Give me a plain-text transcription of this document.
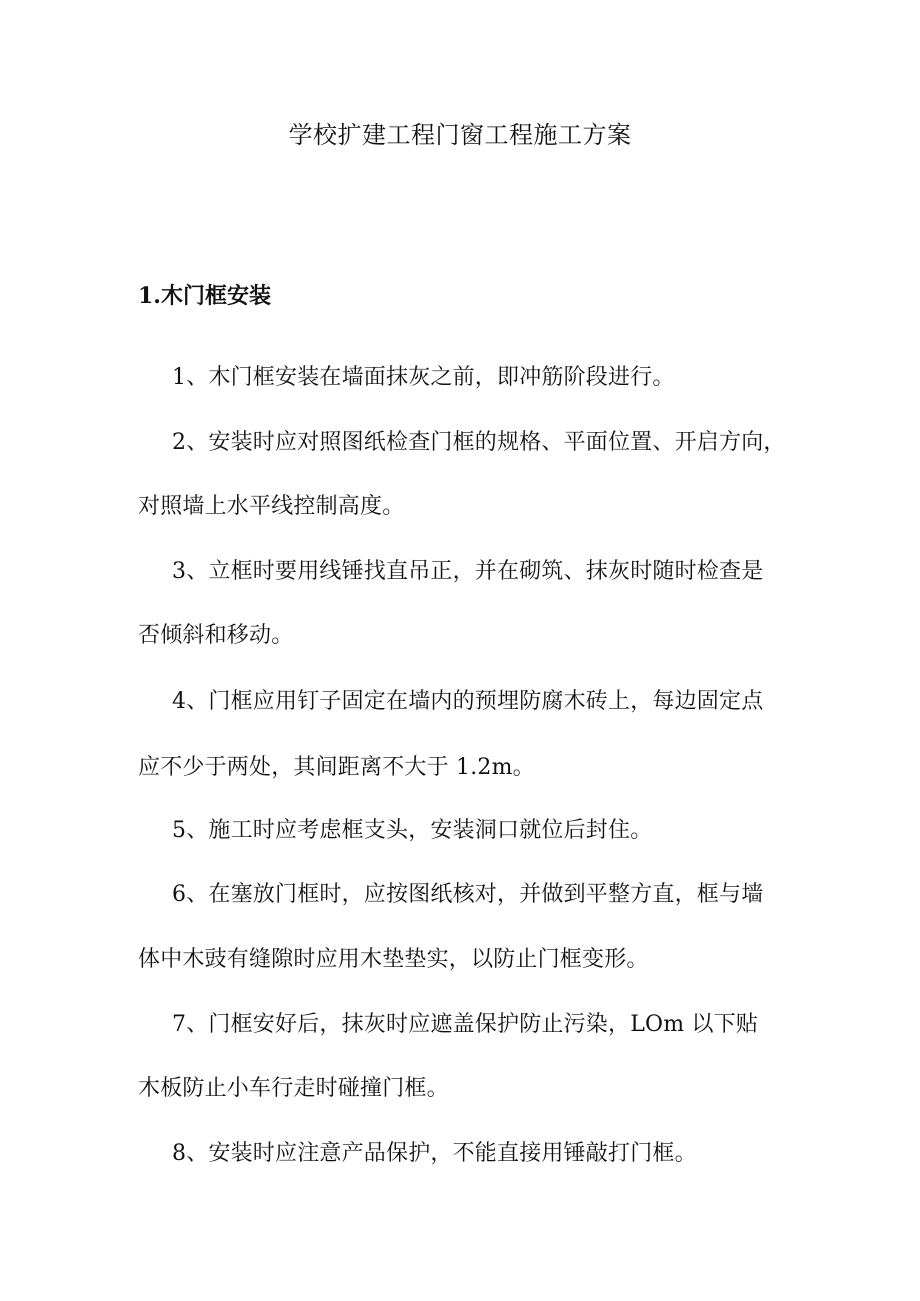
学校扩建工程门窗工程施工方案
1.木门框安装
1、木门框安装在墙面抹灰之前，即冲筋阶段进行。
2、安装时应对照图纸检查门框的规格、平面位置、开启方向，
对照墙上水平线控制高度。
3、立框时要用线锤找直吊正，并在砌筑、抹灰时随时检查是
否倾斜和移动。
4、门框应用钉子固定在墙内的预埋防腐木砖上，每边固定点
应不少于两处，其间距离不大于 1.2m。
5、施工时应考虑框支头，安装洞口就位后封住。
6、在塞放门框时，应按图纸核对，并做到平整方直，框与墙
体中木豉有缝隙时应用木垫垫实，以防止门框变形。
7、门框安好后，抹灰时应遮盖保护防止污染，LOm 以下贴
木板防止小车行走时碰撞门框。
8、安装时应注意产品保护，不能直接用锤敲打门框。
